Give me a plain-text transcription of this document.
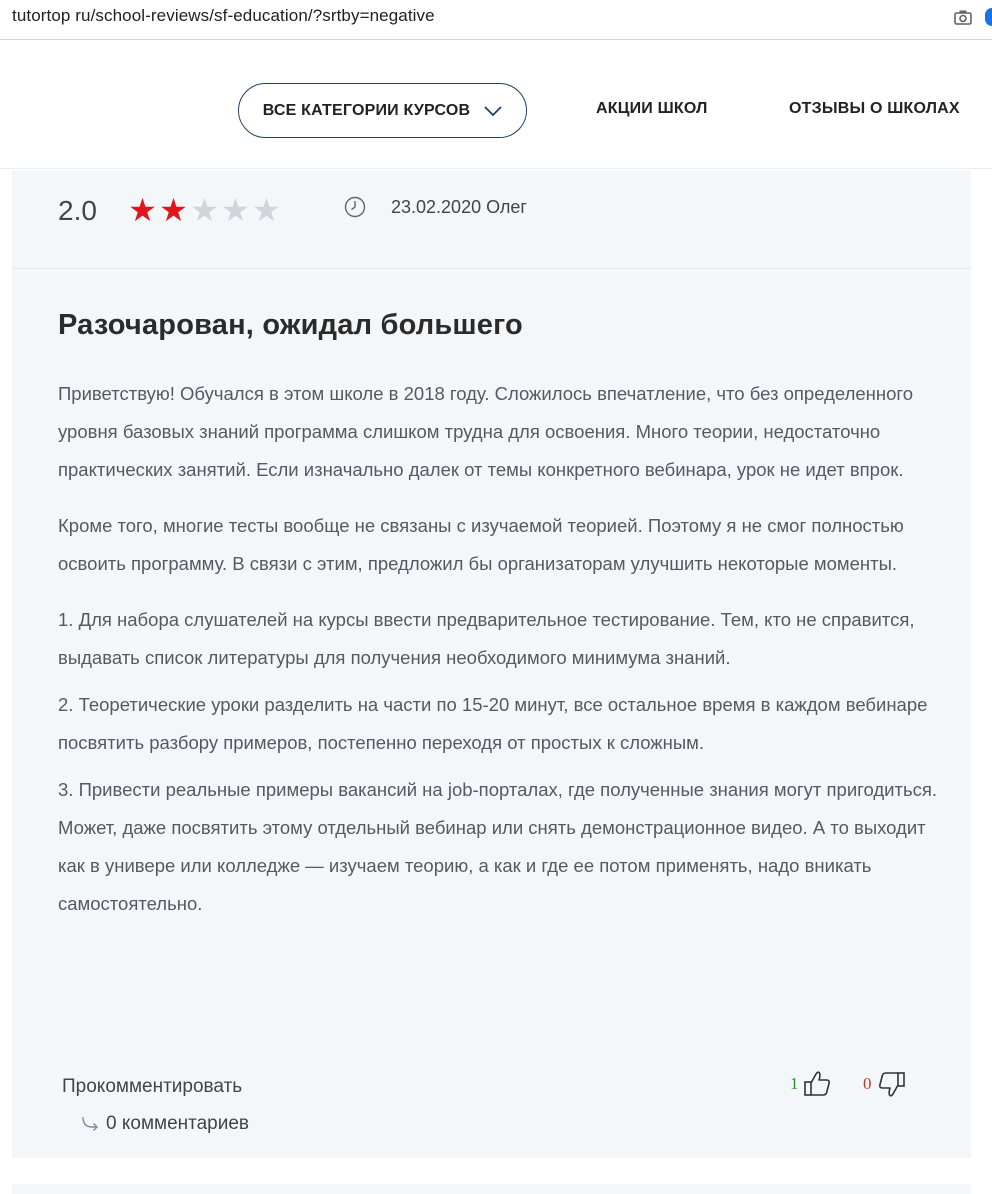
tutortop ru/school-reviews/sf-education/?srtby=negative
ВСЕ КАТЕГОРИИ КУРСОВ	АКЦИИ ШКОЛ	ОТЗЫВЫ О ШКОЛАХ
2.0 ★ ★ ★ ★ ★	23.02.2020 Олег
Разочарован, ожидал большего

Приветствую! Обучался в этом школе в 2018 году. Сложилось впечатление, что без определенного уровня базовых знаний программа слишком трудна для освоения. Много теории, недостаточно практических занятий. Если изначально далек от темы конкретного вебинара, урок не идет впрок.

Кроме того, многие тесты вообще не связаны с изучаемой теорией. Поэтому я не смог полностью освоить программу. В связи с этим, предложил бы организаторам улучшить некоторые моменты.

1. Для набора слушателей на курсы ввести предварительное тестирование. Тем, кто не справится, выдавать список литературы для получения необходимого минимума знаний.

2. Теоретические уроки разделить на части по 15-20 минут, все остальное время в каждом вебинаре посвятить разбору примеров, постепенно переходя от простых к сложным.

3. Привести реальные примеры вакансий на job-порталах, где полученные знания могут пригодиться. Может, даже посвятить этому отдельный вебинар или снять демонстрационное видео. А то выходит как в универе или колледже — изучаем теорию, а как и где ее потом применять, надо вникать самостоятельно.

Прокомментировать
0 комментариев
1	0
